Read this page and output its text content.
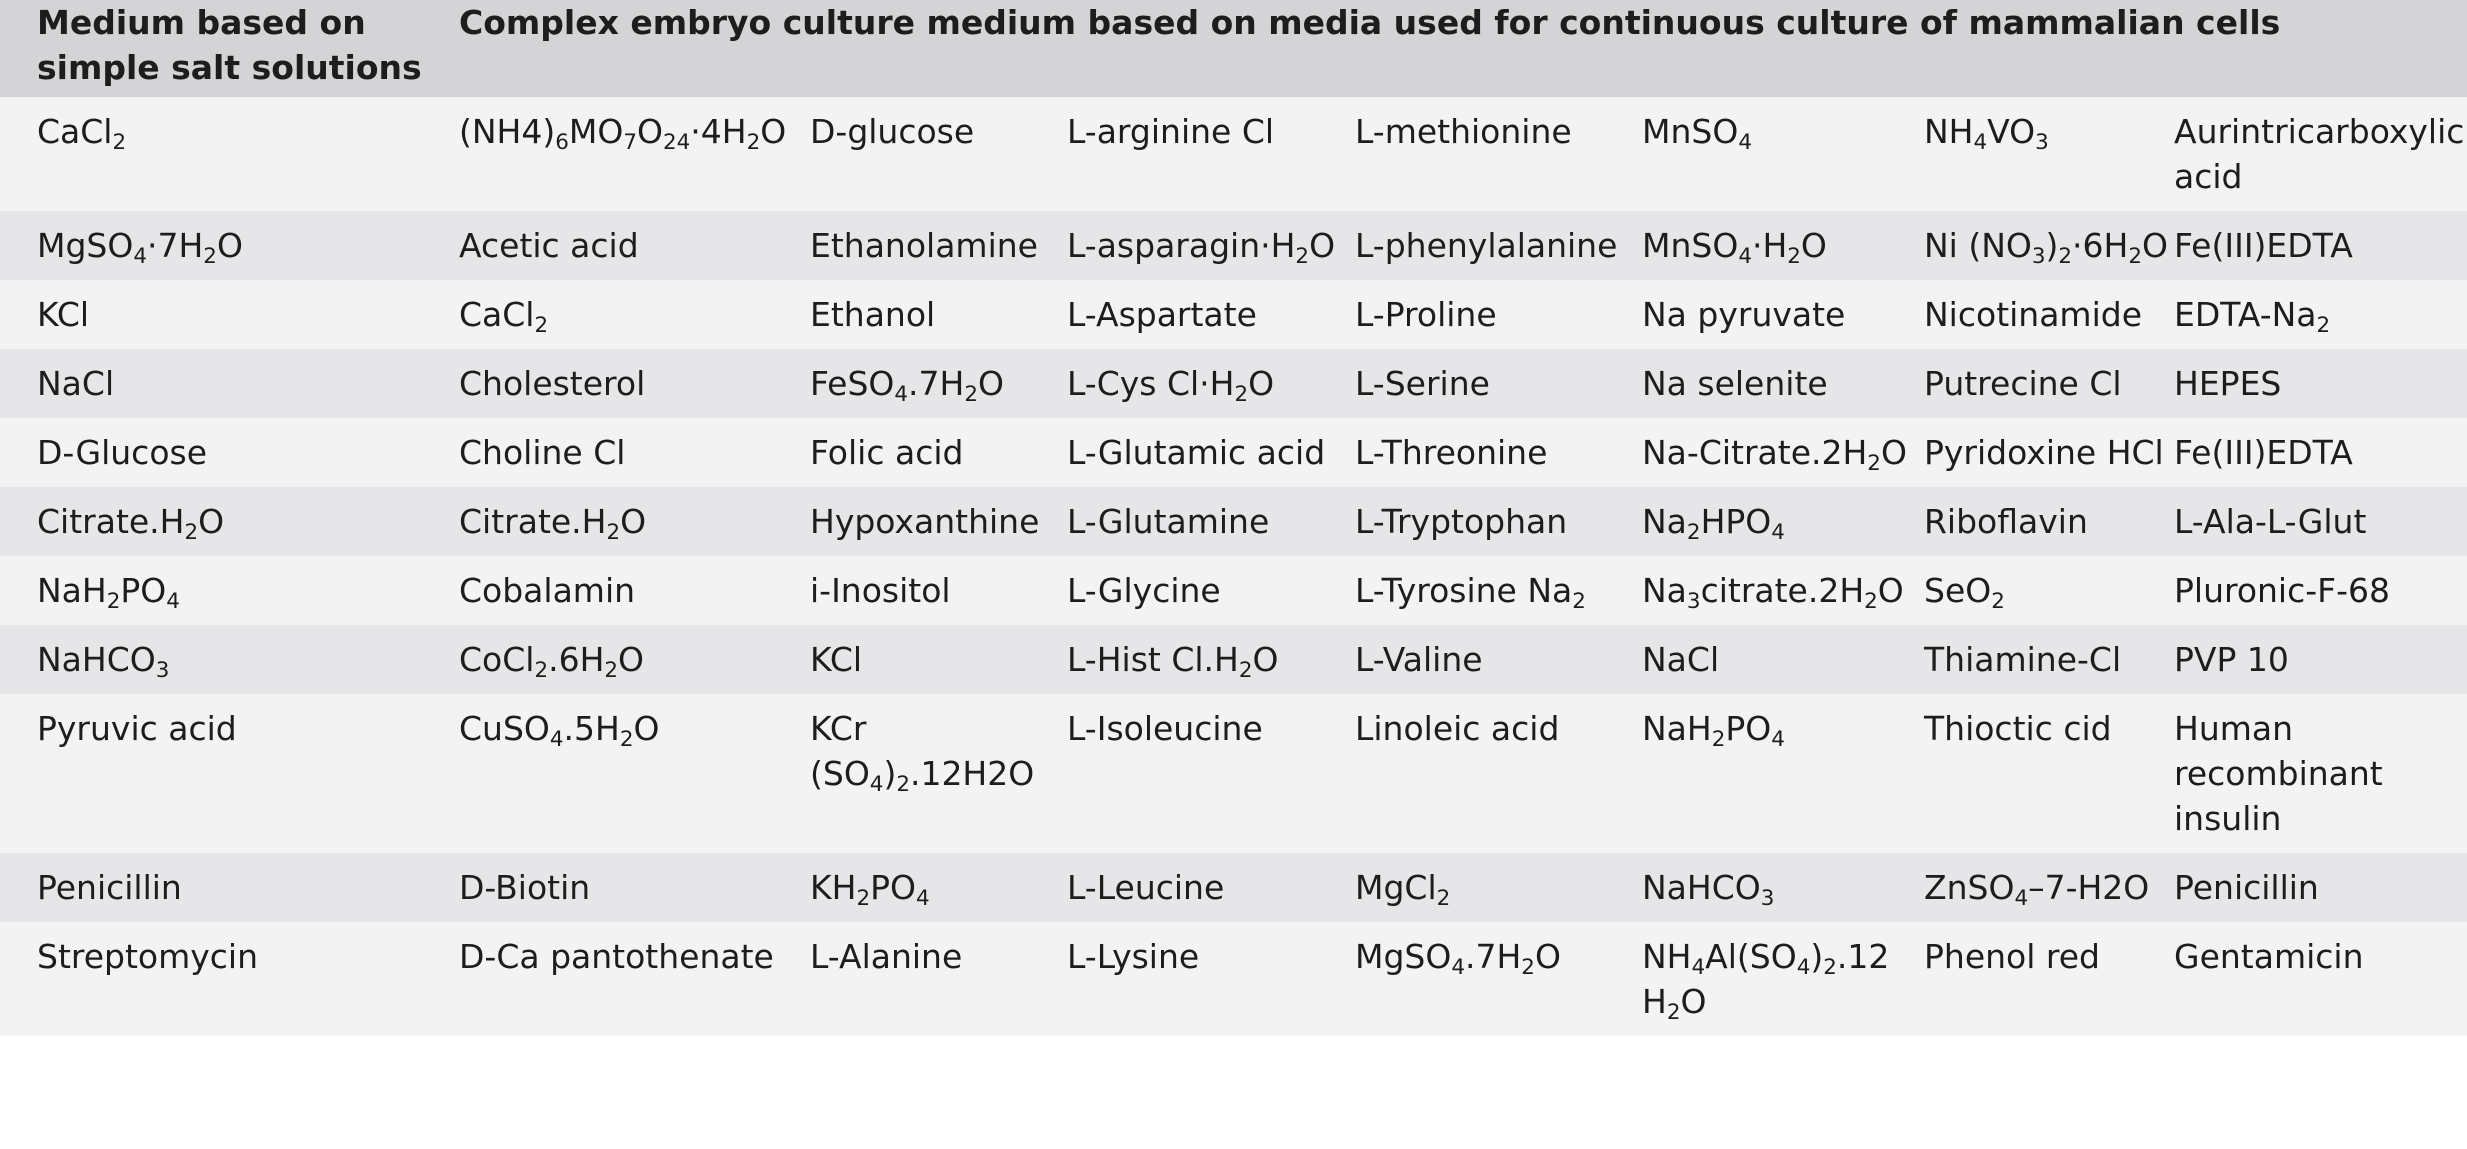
Medium based on simple salt solutions	Complex embryo culture medium based on media used for continuous culture of mammalian cells						
CaCl$_2$	$(NH4)_6MO_7O_{24}\cdot 4H_2O$	D-glucose	L-arginine Cl	L-methionine	MnSO$_4$	$NH_4VO_3$	Aurintricarboxylic acid
$MgSO_4\cdot 7H_2O$	Acetic acid	Ethanolamine	$L-asparagin\cdot H_2O$	L-phenylalanine	$MnSO_4\cdot H_2O$	Ni $(NO_3)_2\cdot 6H_2O$	Fe(III)EDTA
KCl	CaCl$_2$	Ethanol	L-Aspartate	L-Proline	Na pyruvate	Nicotinamide	EDTA-$Na_2$
NaCl	Cholesterol	$FeSO_4.7H_2O$	L-Cys $Cl\cdot H_2O$	L-Serine	Na selenite	Putrecine Cl	HEPES
D-Glucose	Choline Cl	Folic acid	L-Glutamic acid	L-Threonine	$Na-Citrate.2H_2O$	Pyridoxine HCl	Fe(III)EDTA
$Citrate.H_2O$	$Citrate.H_2O$	Hypoxanthine	L-Glutamine	L-Tryptophan	$Na_2HPO_4$	Riboflavin	L-Ala-L-Glut
$NaH_2PO_4$	Cobalamin	i-Inositol	L-Glycine	L-Tyrosine $Na_2$	$Na_3citrate.2H_2O$	SeO$_2$	Pluronic-F-68
NaHCO$_3$	$CoCl_2.6H_2O$	KCl	L-Hist $Cl.H_2O$	L-Valine	NaCl	Thiamine-Cl	PVP 10
Pyruvic acid	$CuSO_4.5H_2O$	KCr $(SO_4)_2.12H2O$	L-Isoleucine	Linoleic acid	$NaH_2PO_4$	Thioctic cid	Human recombinant insulin
Penicillin	D-Biotin	$KH_2PO_4$	L-Leucine	MgCl$_2$	NaHCO$_3$	ZnSO$_4$–7-H2O	Penicillin
Streptomycin	D-Ca pantothenate	L-Alanine	L-Lysine	$MgSO_4.7H_2O$	$NH_4Al(SO_4)_2.12$ $H_2O$	Phenol red	Gentamicin
